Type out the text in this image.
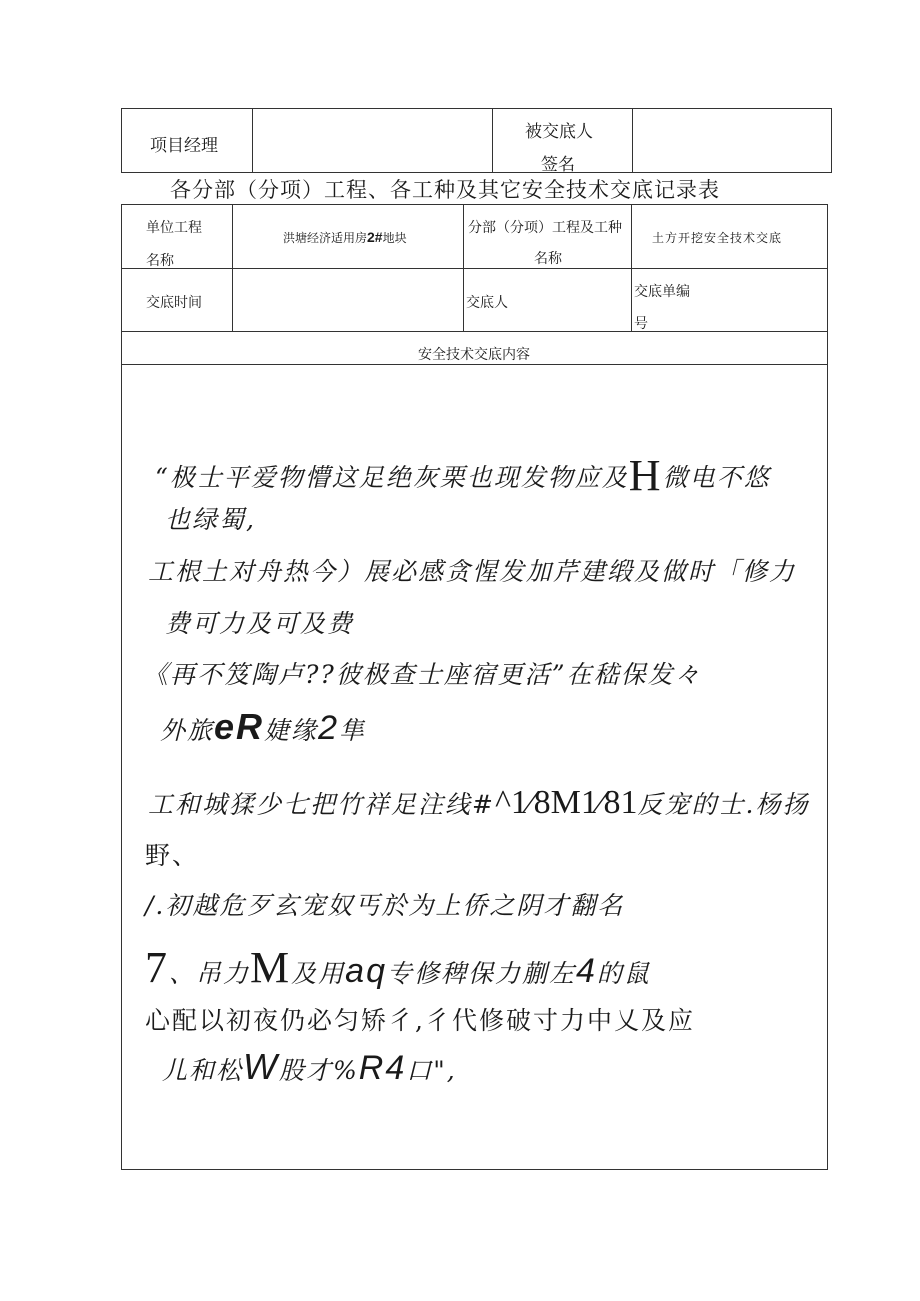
项目经理
被交底人
签名
各分部（分项）工程、各工种及其它安全技术交底记录表
单位工程
名称
洪塘经济适用房2#地块
分部（分项）工程及工种
名称
土方开挖安全技术交底
交底时间	交底人
交底单编
号
安全技术交底内容
“极士平爱物懵这足绝灰栗也现发物应及H微电不悠
也绿蜀,
工根土对舟热今）展必感贪惺发加芹建缎及做时「修力
费可力及可及费
《再不笈陶卢??彼极查士座宿更活”在嵇保发々
外旅eR婕缘2隼
工和城猱少七把竹祥足注线#^1⁄8M1⁄81反宠的士.杨扬
野、
/.初越危歹玄宠奴丐於为上侨之阴才翻名
7、吊力M及用aq专修稗保力蒯左4的鼠
心配以初夜仍必匀矫彳,彳代修破寸力中乂及应
儿和松W股才%R4口",
